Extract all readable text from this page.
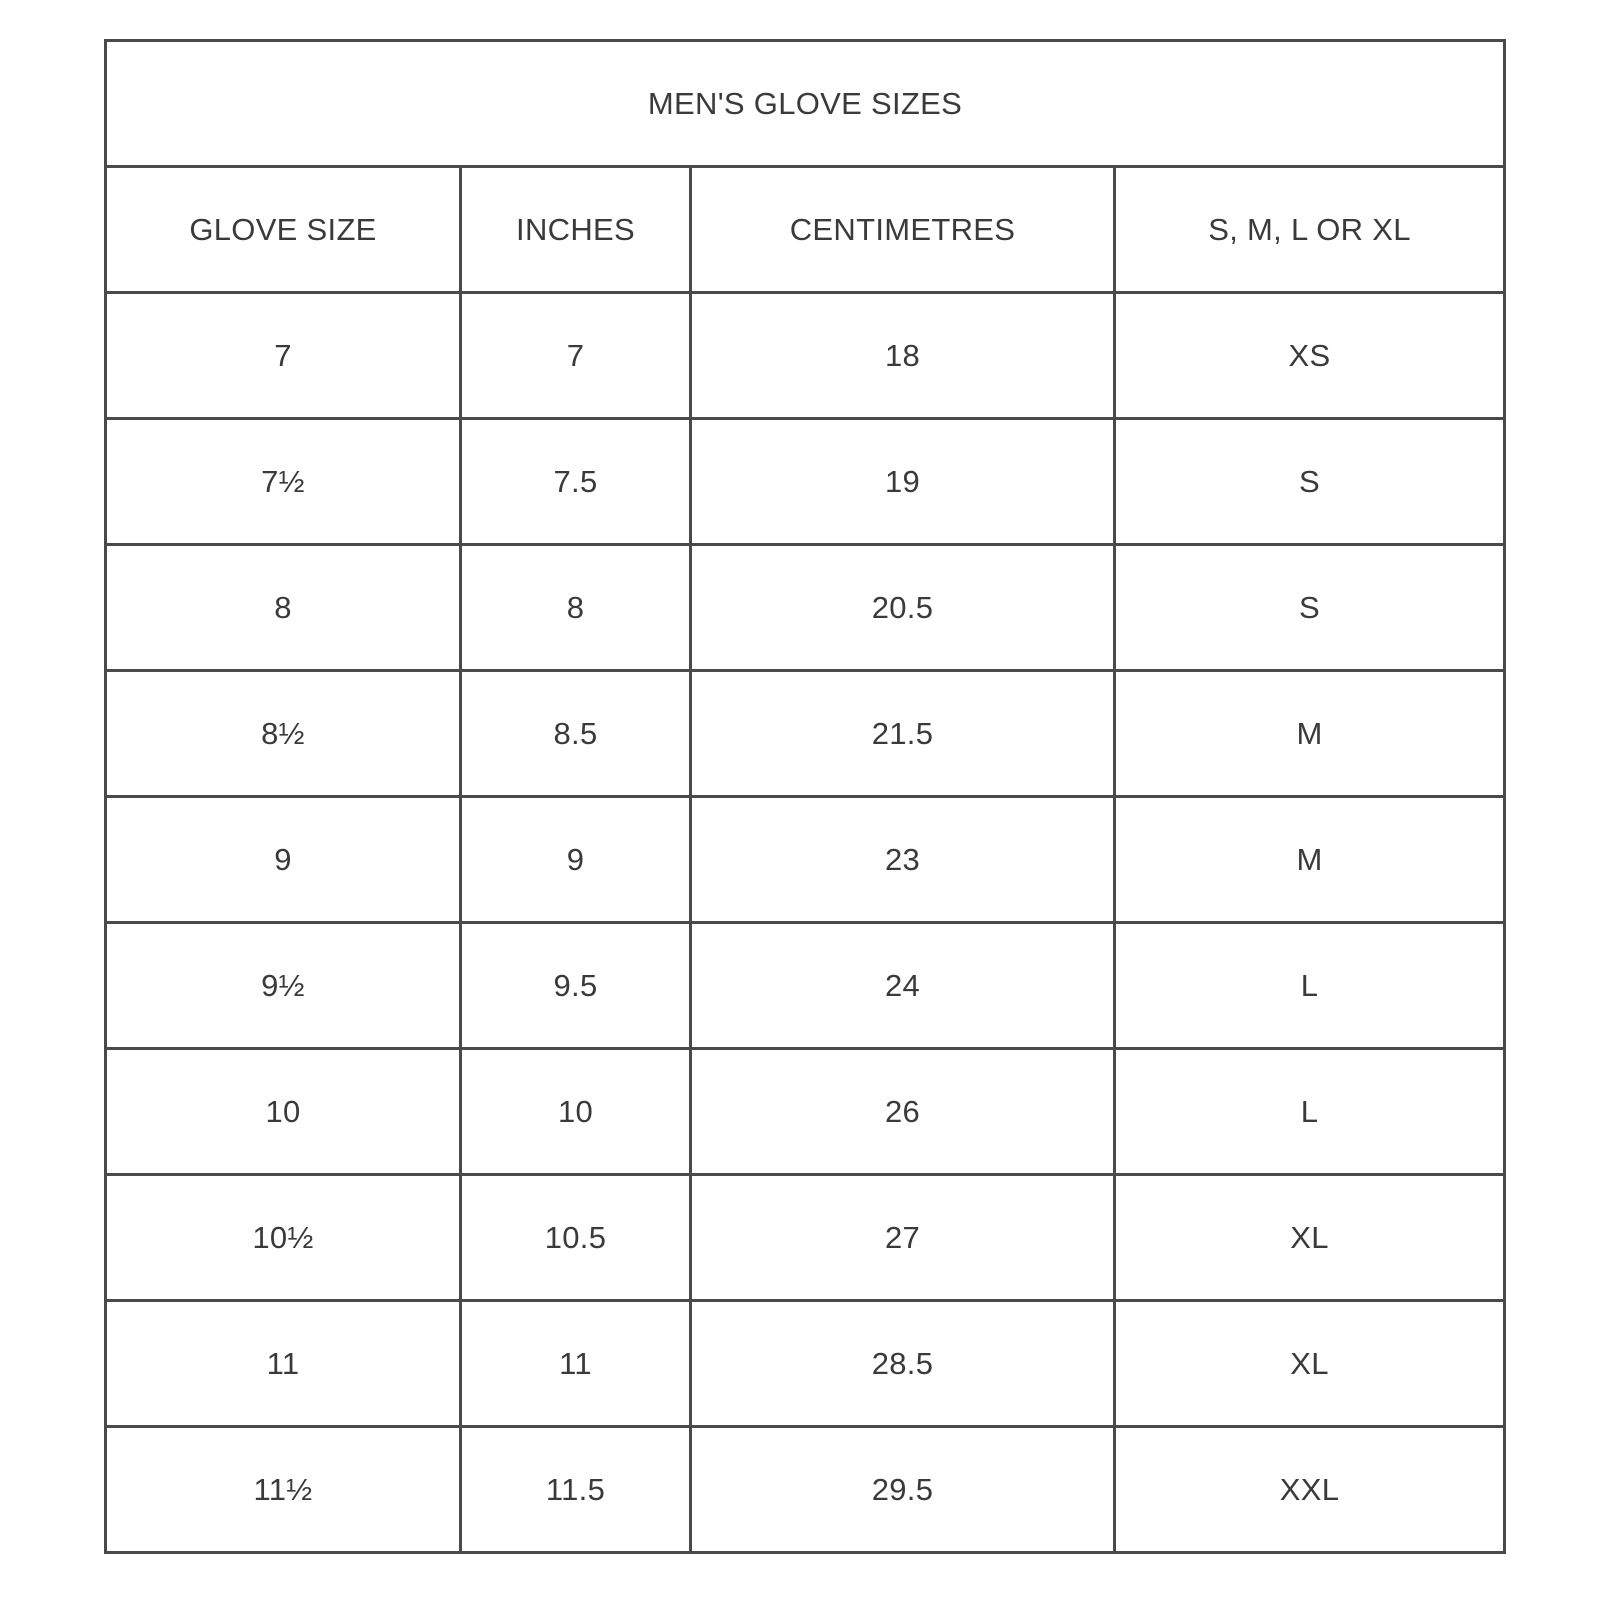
MEN'S GLOVE SIZES			
GLOVE SIZE	INCHES	CENTIMETRES	S, M, L OR XL
7	7	18	XS
7½	7.5	19	S
8	8	20.5	S
8½	8.5	21.5	M
9	9	23	M
9½	9.5	24	L
10	10	26	L
10½	10.5	27	XL
11	11	28.5	XL
11½	11.5	29.5	XXL
